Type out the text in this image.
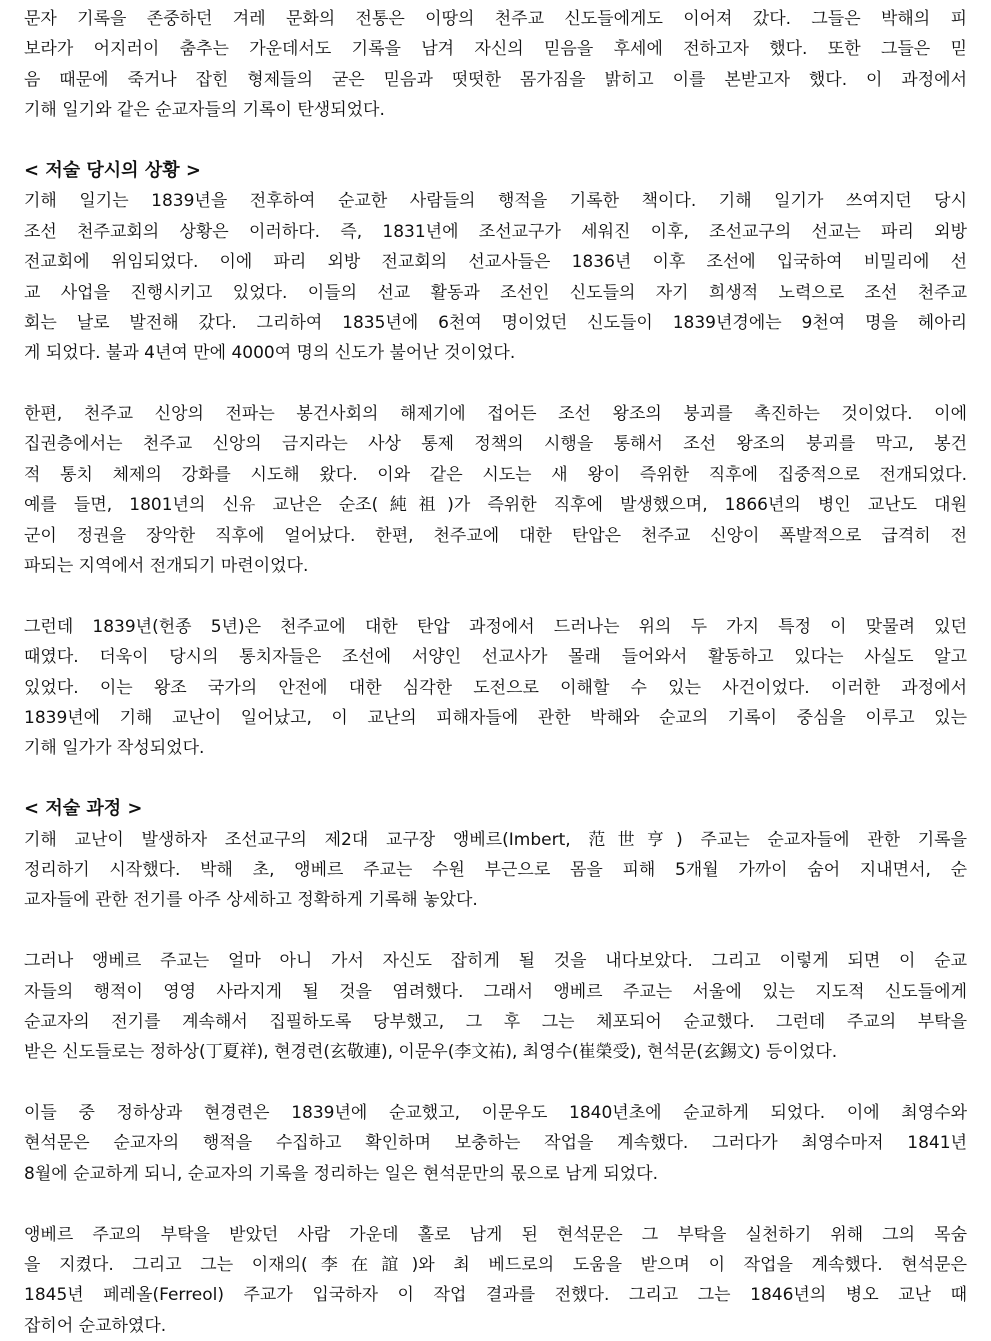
문자 기록을 존중하던 겨레 문화의 전통은 이땅의 천주교 신도들에게도 이어져 갔다. 그들은 박해의 피
보라가 어지러이 춤추는 가운데서도 기록을 남겨 자신의 믿음을 후세에 전하고자 했다. 또한 그들은 믿
음 때문에 죽거나 잡힌 형제들의 굳은 믿음과 떳떳한 몸가짐을 밝히고 이를 본받고자 했다. 이 과정에서
기해 일기와 같은 순교자들의 기록이 탄생되었다.
< 저술 당시의 상황 >
기해 일기는 1839년을 전후하여 순교한 사람들의 행적을 기록한 책이다. 기해 일기가 쓰여지던 당시
조선 천주교회의 상황은 이러하다. 즉, 1831년에 조선교구가 세워진 이후, 조선교구의 선교는 파리 외방
전교회에 위임되었다. 이에 파리 외방 전교회의 선교사들은 1836년 이후 조선에 입국하여 비밀리에 선
교 사업을 진행시키고 있었다. 이들의 선교 활동과 조선인 신도들의 자기 희생적 노력으로 조선 천주교
회는 날로 발전해 갔다. 그리하여 1835년에 6천여 명이었던 신도들이 1839년경에는 9천여 명을 헤아리
게 되었다. 불과 4년여 만에 4000여 명의 신도가 불어난 것이었다.
한편, 천주교 신앙의 전파는 봉건사회의 해제기에 접어든 조선 왕조의 붕괴를 촉진하는 것이었다. 이에
집권층에서는 천주교 신앙의 금지라는 사상 통제 정책의 시행을 통해서 조선 왕조의 붕괴를 막고, 봉건
적 통치 체제의 강화를 시도해 왔다. 이와 같은 시도는 새 왕이 즉위한 직후에 집중적으로 전개되었다.
예를 들면, 1801년의 신유 교난은 순조(純祖)가 즉위한 직후에 발생했으며, 1866년의 병인 교난도 대원
군이 정권을 장악한 직후에 얼어났다. 한편, 천주교에 대한 탄압은 천주교 신앙이 폭발적으로 급격히 전
파되는 지역에서 전개되기 마련이었다.
그런데 1839년(헌종 5년)은 천주교에 대한 탄압 과정에서 드러나는 위의 두 가지 특정 이 맞물려 있던
때였다. 더욱이 당시의 통치자들은 조선에 서양인 선교사가 몰래 들어와서 활동하고 있다는 사실도 알고
있었다. 이는 왕조 국가의 안전에 대한 심각한 도전으로 이해할 수 있는 사건이었다. 이러한 과정에서
1839년에 기해 교난이 일어났고, 이 교난의 피해자들에 관한 박해와 순교의 기록이 중심을 이루고 있는
기해 일가가 작성되었다.
< 저술 과정 >
기해 교난이 발생하자 조선교구의 제2대 교구장 앵베르(Imbert, 范世亨) 주교는 순교자들에 관한 기록을
정리하기 시작했다. 박해 초, 앵베르 주교는 수원 부근으로 몸을 피해 5개월 가까이 숨어 지내면서, 순
교자들에 관한 전기를 아주 상세하고 정확하게 기록해 놓았다.
그러나 앵베르 주교는 얼마 아니 가서 자신도 잡히게 될 것을 내다보았다. 그리고 이렇게 되면 이 순교
자들의 행적이 영영 사라지게 될 것을 염려했다. 그래서 앵베르 주교는 서울에 있는 지도적 신도들에게
순교자의 전기를 계속해서 집필하도록 당부했고, 그 후 그는 체포되어 순교했다. 그런데 주교의 부탁을
받은 신도들로는 정하상(丁夏祥), 현경련(玄敬連), 이문우(李文祐), 최영수(崔榮受), 현석문(玄錫文) 등이었다.
이들 중 정하상과 현경련은 1839년에 순교했고, 이문우도 1840년초에 순교하게 되었다. 이에 최영수와
현석문은 순교자의 행적을 수집하고 확인하며 보충하는 작업을 계속했다. 그러다가 최영수마저 1841년
8월에 순교하게 되니, 순교자의 기록을 정리하는 일은 현석문만의 몫으로 남게 되었다.
앵베르 주교의 부탁을 받았던 사람 가운데 홀로 남게 된 현석문은 그 부탁을 실천하기 위해 그의 목숨
을 지켰다. 그리고 그는 이재의(李在誼)와 최 베드로의 도움을 받으며 이 작업을 계속했다. 현석문은
1845년 페레올(Ferreol) 주교가 입국하자 이 작업 결과를 전했다. 그리고 그는 1846년의 병오 교난 때
잡히어 순교하였다.
